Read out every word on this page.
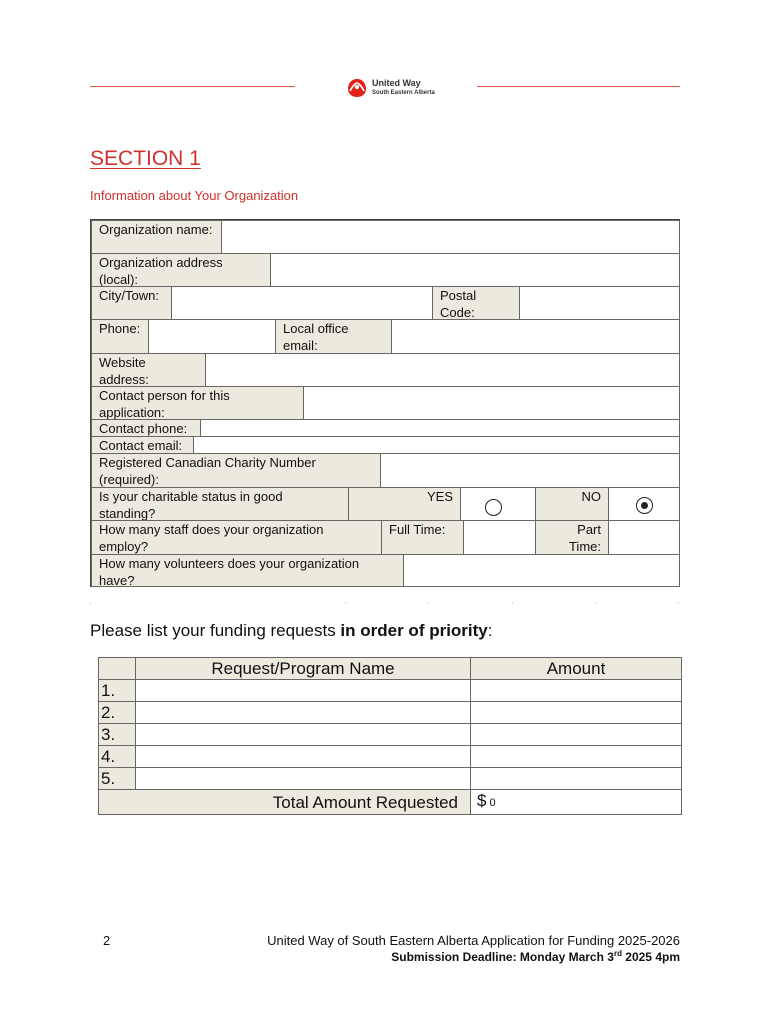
United Way
South Eastern Alberta
SECTION 1
Information about Your Organization
Organization name:
Organization address (local):
City/Town:	Postal Code:
Phone:	Local office email:
Website address:
Contact person for this application:
Contact phone:
Contact email:
Registered Canadian Charity Number (required):
Is your charitable status in good standing?
YES	NO
How many staff does your organization employ?
Full Time:	Part Time:
How many volunteers does your organization have?
'	'	'	'	'	'
Please list your funding requests in order of priority:
	Request/Program Name	Amount
1.		
2.		
3.		
4.		
5.		
Total Amount Requested		$ 0
2	United Way of South Eastern Alberta Application for Funding 2025-2026
Submission Deadline: Monday March 3rd 2025 4pm
